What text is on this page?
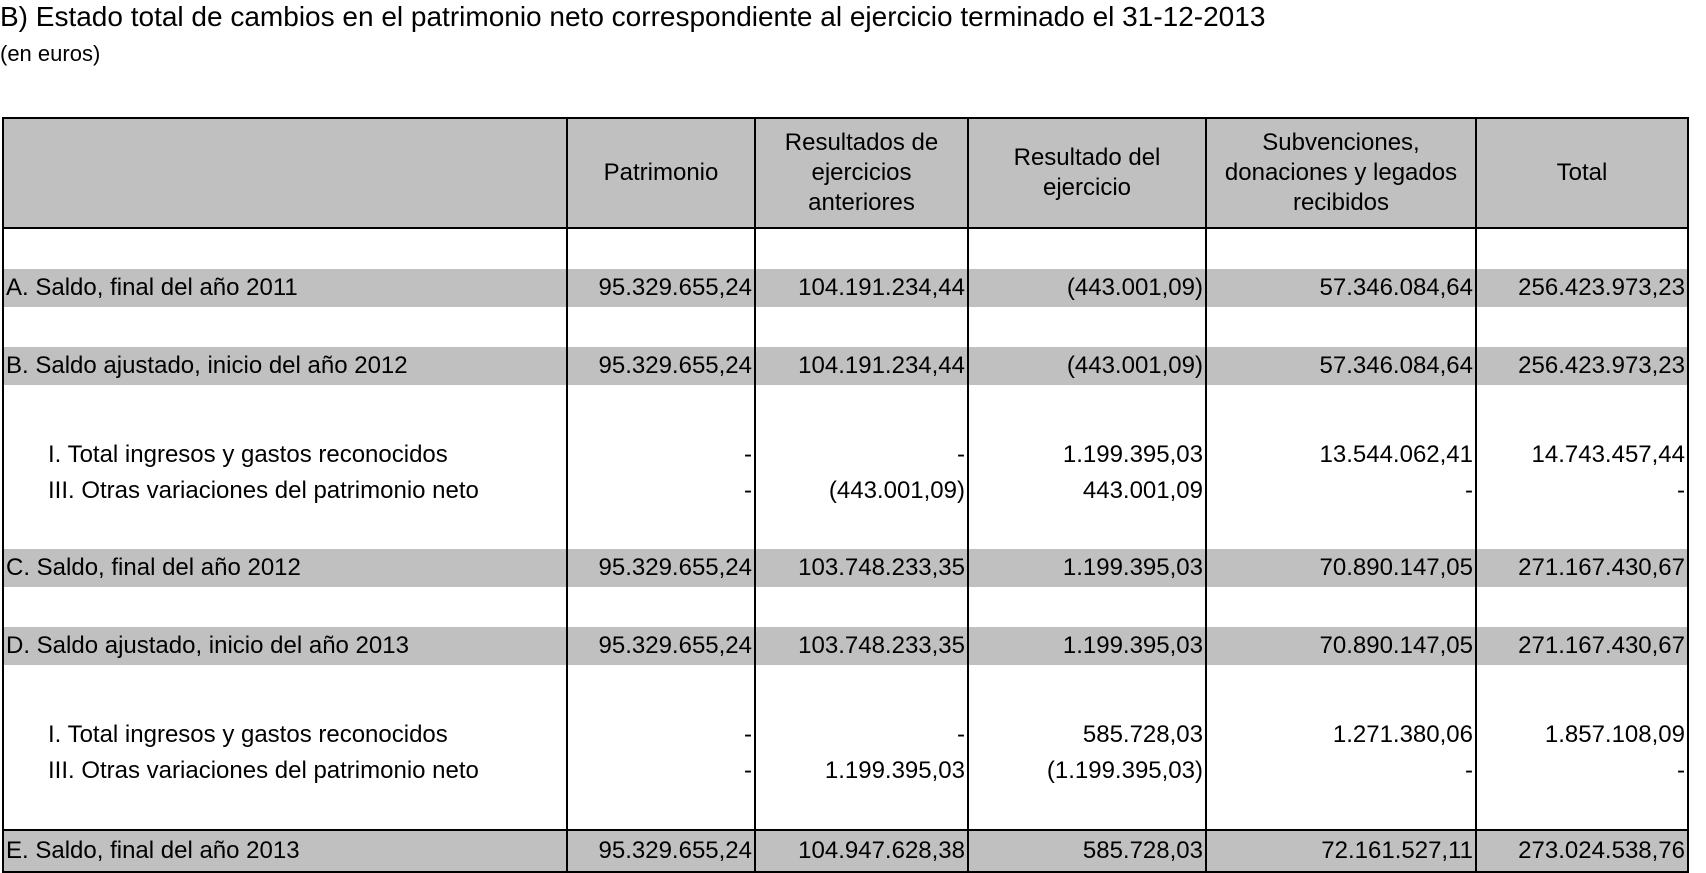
B) Estado total de cambios en el patrimonio neto correspondiente al ejercicio terminado el 31-12-2013
(en euros)
	Patrimonio	Resultados de ejercicios anteriores	Resultado del ejercicio	Subvenciones, donaciones y legados recibidos	Total

A. Saldo, final del año 2011	95.329.655,24	104.191.234,44	(443.001,09)	57.346.084,64	256.423.973,23

B. Saldo ajustado, inicio del año 2012	95.329.655,24	104.191.234,44	(443.001,09)	57.346.084,64	256.423.973,23

I. Total ingresos y gastos reconocidos	-	-	1.199.395,03	13.544.062,41	14.743.457,44
III. Otras variaciones del patrimonio neto	-	(443.001,09)	443.001,09	-	-

C. Saldo, final del año 2012	95.329.655,24	103.748.233,35	1.199.395,03	70.890.147,05	271.167.430,67

D. Saldo ajustado, inicio del año 2013	95.329.655,24	103.748.233,35	1.199.395,03	70.890.147,05	271.167.430,67

I. Total ingresos y gastos reconocidos	-	-	585.728,03	1.271.380,06	1.857.108,09
III. Otras variaciones del patrimonio neto	-	1.199.395,03	(1.199.395,03)	-	-

E. Saldo, final del año 2013	95.329.655,24	104.947.628,38	585.728,03	72.161.527,11	273.024.538,76
